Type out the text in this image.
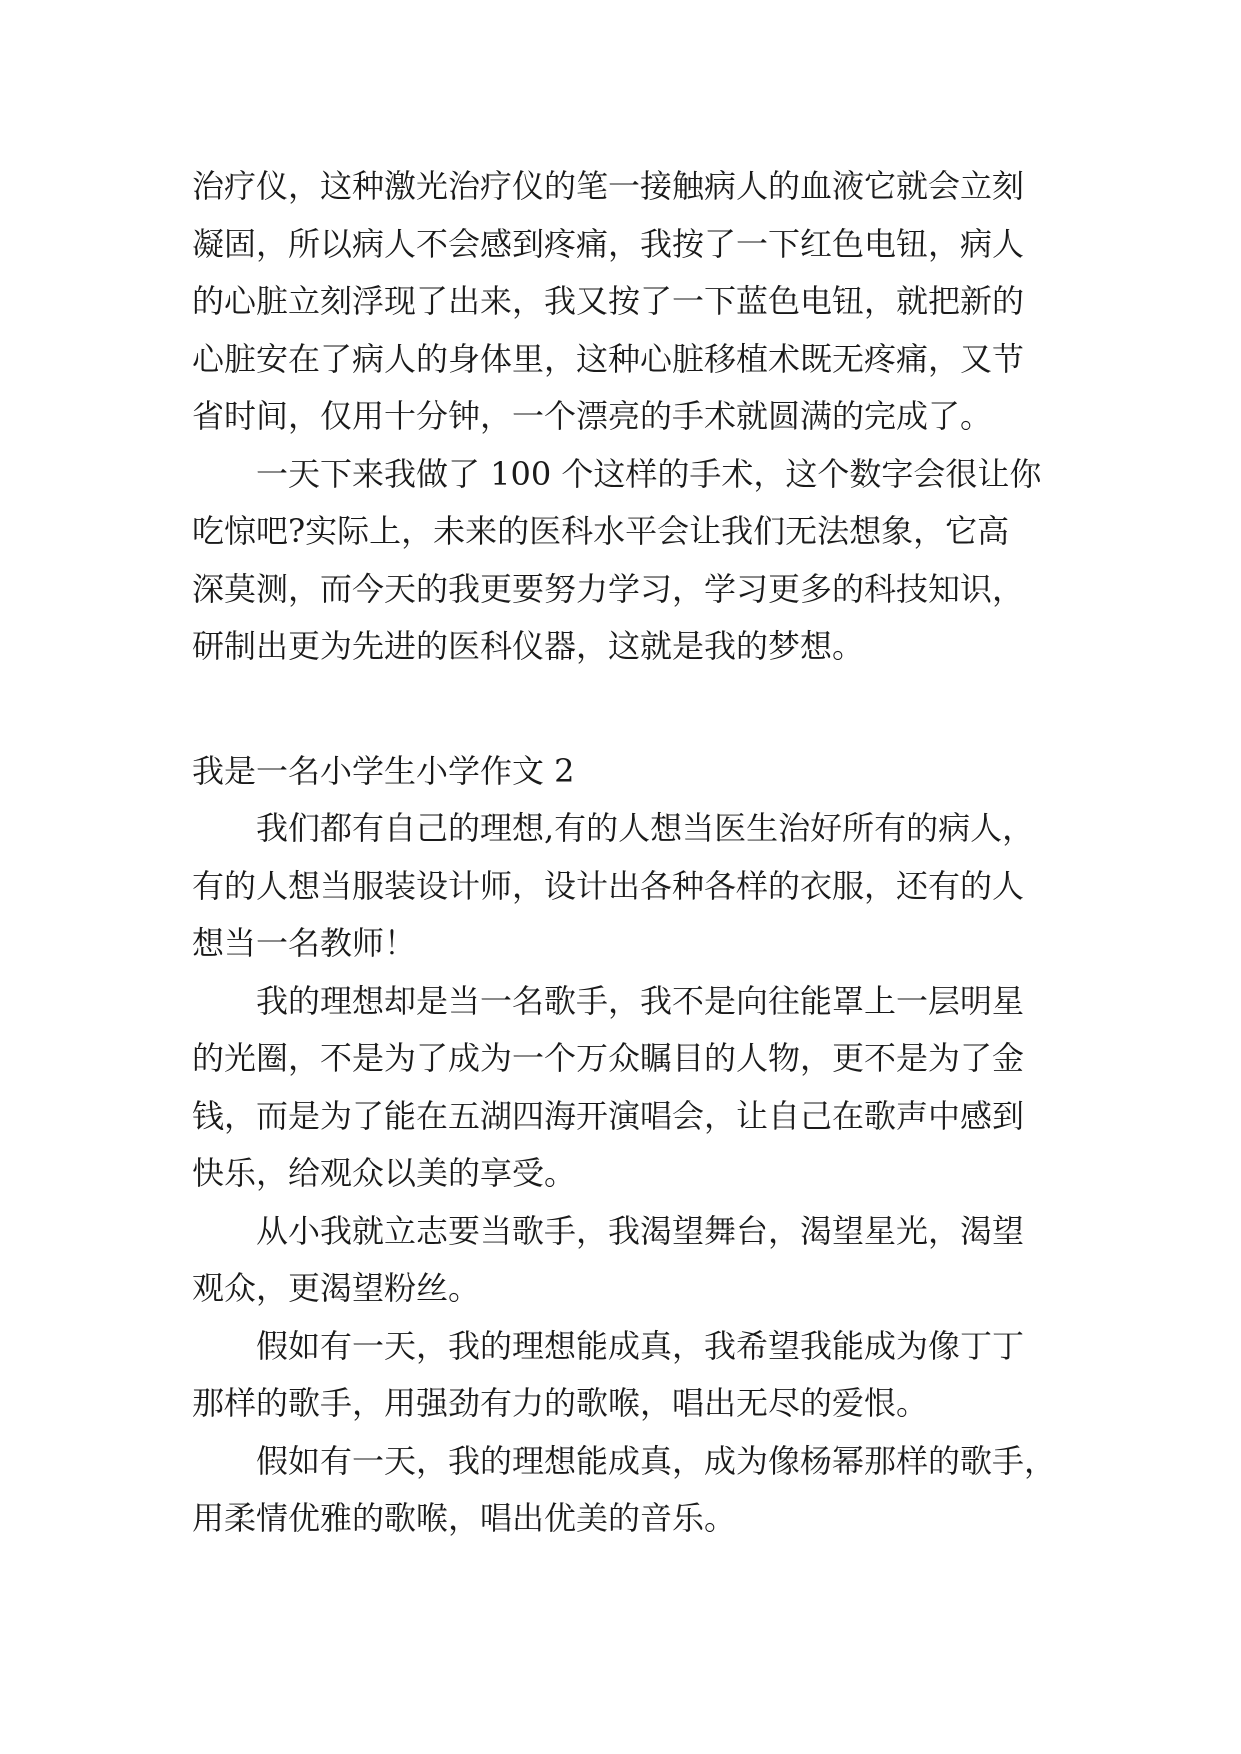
治疗仪，这种激光治疗仪的笔一接触病人的血液它就会立刻
凝固，所以病人不会感到疼痛，我按了一下红色电钮，病人
的心脏立刻浮现了出来，我又按了一下蓝色电钮，就把新的
心脏安在了病人的身体里，这种心脏移植术既无疼痛，又节
省时间，仅用十分钟，一个漂亮的手术就圆满的完成了。
一天下来我做了 100 个这样的手术，这个数字会很让你
吃惊吧?实际上，未来的医科水平会让我们无法想象，它高
深莫测，而今天的我更要努力学习，学习更多的科技知识，
研制出更为先进的医科仪器，这就是我的梦想。
我是一名小学生小学作文 2
我们都有自己的理想,有的人想当医生治好所有的病人，
有的人想当服装设计师，设计出各种各样的衣服，还有的人
想当一名教师！
我的理想却是当一名歌手，我不是向往能罩上一层明星
的光圈，不是为了成为一个万众瞩目的人物，更不是为了金
钱，而是为了能在五湖四海开演唱会，让自己在歌声中感到
快乐，给观众以美的享受。
从小我就立志要当歌手，我渴望舞台，渴望星光，渴望
观众，更渴望粉丝。
假如有一天，我的理想能成真，我希望我能成为像丁丁
那样的歌手，用强劲有力的歌喉，唱出无尽的爱恨。
假如有一天，我的理想能成真，成为像杨幂那样的歌手，
用柔情优雅的歌喉，唱出优美的音乐。
